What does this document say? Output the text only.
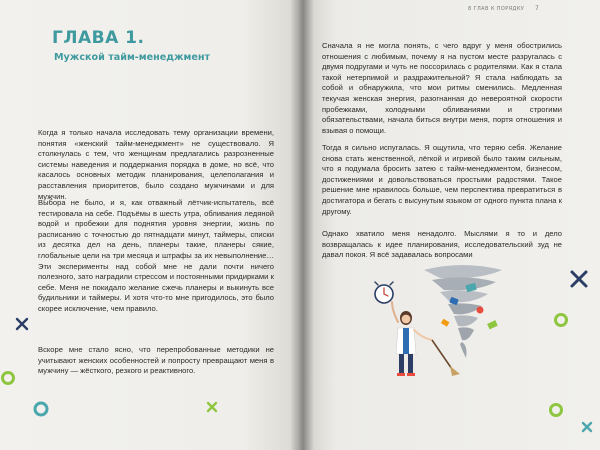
ГЛАВА 1.
Мужской тайм-менеджмент

Когда я только начала исследовать тему организации времени, понятия «женский тайм-менеджмент» не существовало. Я столкнулась с тем, что женщинам предлагались разрозненные системы наведения и поддержания порядка в доме, но всё, что касалось основных методик планирования, целеполагания и расставления приоритетов, было создано мужчинами и для мужчин.

Выбора не было, и я, как отважный лётчик-испытатель, всё тестировала на себе. Подъёмы в шесть утра, обливания ледяной водой и пробежки для поднятия уровня энергии, жизнь по расписанию с точностью до пятнадцати минут, таймеры, списки из десятка дел на день, планеры такие, планеры сякие, глобальные цели на три месяца и штрафы за их невыполнение… Эти эксперименты над собой мне не дали почти ничего полезного, зато наградили стрессом и постоянными придирками к себе. Меня не покидало желание сжечь планеры и выкинуть все будильники и таймеры. И хотя что-то мне пригодилось, это было скорее исключение, чем правило.

Вскоре мне стало ясно, что перепробованные методики не учитывают женских особенностей и попросту превращают меня в мужчину — жёсткого, резкого и реактивного.

8 ГЛАВ К ПОРЯДКУ 7

Сначала я не могла понять, с чего вдруг у меня обострились отношения с любимым, почему я на пустом месте разругалась с двумя подругами и чуть не поссорилась с родителями. Как я стала такой нетерпимой и раздражительной? Я стала наблюдать за собой и обнаружила, что мои ритмы сменились. Медленная текучая женская энергия, разогнанная до невероятной скорости пробежками, холодными обливаниями и строгими обязательствами, начала биться внутри меня, портя отношения и взывая о помощи.

Тогда я сильно испугалась. Я ощутила, что теряю себя. Желание снова стать женственной, лёгкой и игривой было таким сильным, что я подумала бросить затею с тайм-менеджментом, бизнесом, достижениями и довольствоваться простыми радостями. Такое решение мне нравилось больше, чем перспектива превратиться в достигатора и бегать с высунутым языком от одного пункта плана к другому.

Однако хватило меня ненадолго. Мыслями я то и дело возвращалась к идее планирования, исследовательский зуд не давал покоя. Я всё задавалась вопросами
